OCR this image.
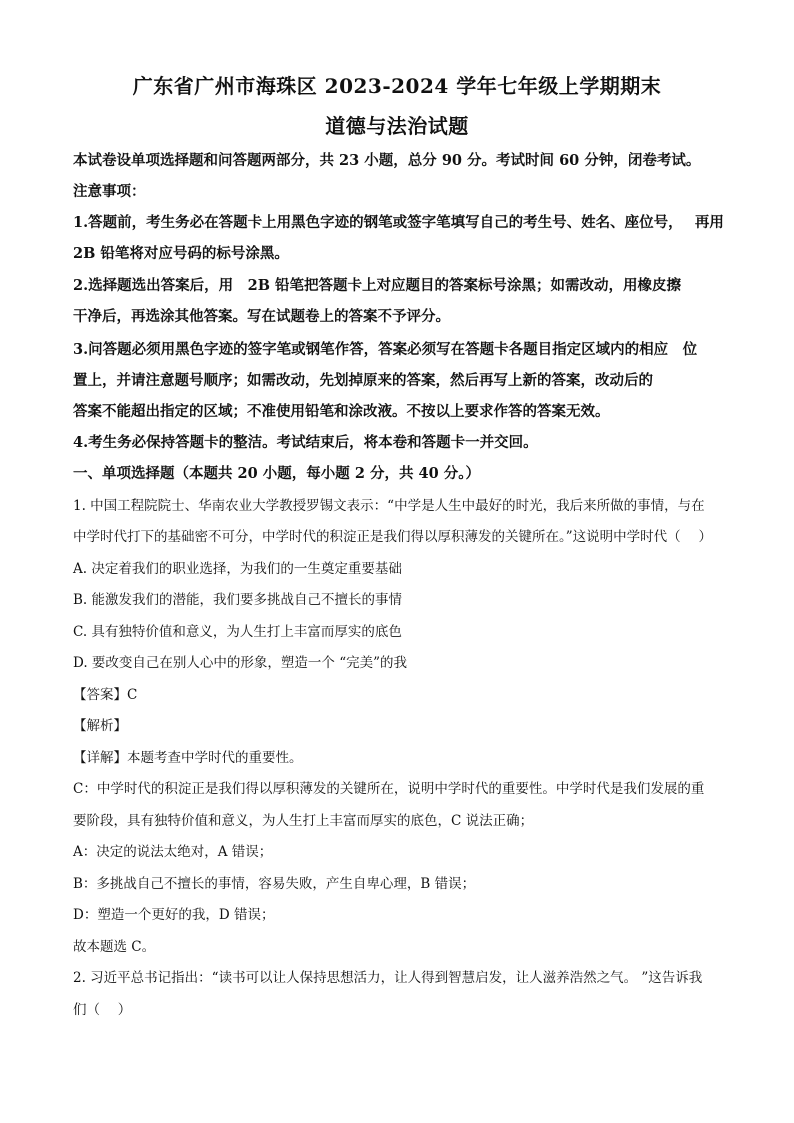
广东省广州市海珠区 2023-2024 学年七年级上学期期末
道德与法治试题
本试卷设单项选择题和问答题两部分，共 23 小题，总分 90 分。考试时间 60 分钟，闭卷考试。
注意事项：
1.答题前，考生务必在答题卡上用黑色字迹的钢笔或签字笔填写自己的考生号、姓名、座位号，　 再用
2B 铅笔将对应号码的标号涂黑。
2.选择题选出答案后，用　2B 铅笔把答题卡上对应题目的答案标号涂黑；如需改动，用橡皮擦
干净后，再选涂其他答案。写在试题卷上的答案不予评分。
3.问答题必须用黑色字迹的签字笔或钢笔作答，答案必须写在答题卡各题目指定区域内的相应　位
置上，并请注意题号顺序；如需改动，先划掉原来的答案，然后再写上新的答案，改动后的
答案不能超出指定的区域；不准使用铅笔和涂改液。不按以上要求作答的答案无效。
4.考生务必保持答题卡的整洁。考试结束后，将本卷和答题卡一并交回。
一、单项选择题（本题共 20 小题，每小题 2 分，共 40 分。）
1. 中国工程院院士、华南农业大学教授罗锡文表示：“中学是人生中最好的时光，我后来所做的事情，与在
中学时代打下的基础密不可分，中学时代的积淀正是我们得以厚积薄发的关键所在。”这说明中学时代（　 ）
A. 决定着我们的职业选择，为我们的一生奠定重要基础
B. 能激发我们的潜能，我们要多挑战自己不擅长的事情
C. 具有独特价值和意义，为人生打上丰富而厚实的底色
D. 要改变自己在别人心中的形象，塑造一个 “完美”的我
【答案】C
【解析】
【详解】本题考查中学时代的重要性。
C：中学时代的积淀正是我们得以厚积薄发的关键所在，说明中学时代的重要性。中学时代是我们发展的重
要阶段，具有独特价值和意义，为人生打上丰富而厚实的底色，C 说法正确；
A：决定的说法太绝对，A 错误；
B：多挑战自己不擅长的事情，容易失败，产生自卑心理，B 错误；
D：塑造一个更好的我，D 错误；
故本题选 C。
2. 习近平总书记指出：“读书可以让人保持思想活力，让人得到智慧启发，让人滋养浩然之气。 ”这告诉我
们（　 ）
